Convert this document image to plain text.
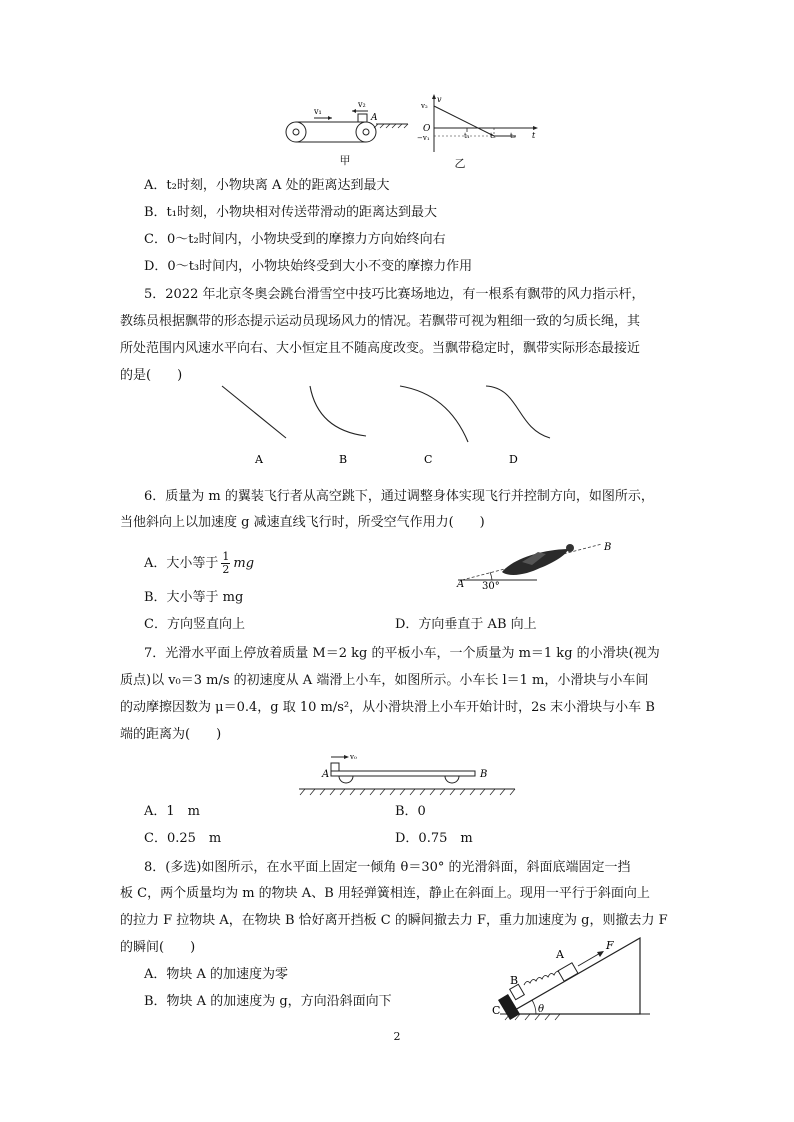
v₁
v₂
A
v
v₂
O
−v₁	t₁	t₂ t₃ t
甲	乙
A．t₂时刻，小物块离 A 处的距离达到最大
B．t₁时刻，小物块相对传送带滑动的距离达到最大
C．0～t₂时间内，小物块受到的摩擦力方向始终向右
D．0～t₃时间内，小物块始终受到大小不变的摩擦力作用
5．2022 年北京冬奥会跳台滑雪空中技巧比赛场地边，有一根系有飘带的风力指示杆，
教练员根据飘带的形态提示运动员现场风力的情况。若飘带可视为粗细一致的匀质长绳，其
所处范围内风速水平向右、大小恒定且不随高度改变。当飘带稳定时，飘带实际形态最接近
的是(　　)
A	B	C	D
6．质量为 m 的翼装飞行者从高空跳下，通过调整身体实现飞行并控制方向，如图所示，
当他斜向上以加速度 g 减速直线飞行时，所受空气作用力(　　)
A．大小等于 $\frac{1}{2}$ mg
B．大小等于 mg
C．方向竖直向上	D．方向垂直于 AB 向上
A
B
30°
7．光滑水平面上停放着质量 M＝2 kg 的平板小车，一个质量为 m＝1 kg 的小滑块(视为
质点)以 v₀＝3 m/s 的初速度从 A 端滑上小车，如图所示。小车长 l＝1 m，小滑块与小车间
的动摩擦因数为 μ＝0.4，g 取 10 m/s²，从小滑块滑上小车开始计时，2s 末小滑块与小车 B
端的距离为(　　)
v₀
A	B
A．1　m	B．0
C．0.25　m	D．0.75　m
8．(多选)如图所示，在水平面上固定一倾角 θ＝30° 的光滑斜面，斜面底端固定一挡
板 C，两个质量均为 m 的物块 A、B 用轻弹簧相连，静止在斜面上。现用一平行于斜面向上
的拉力 F 拉物块 A，在物块 B 恰好离开挡板 C 的瞬间撤去力 F，重力加速度为 g，则撤去力 F
的瞬间(　　)
A．物块 A 的加速度为零
B．物块 A 的加速度为 g，方向沿斜面向下
A
B
C
F
θ
2
